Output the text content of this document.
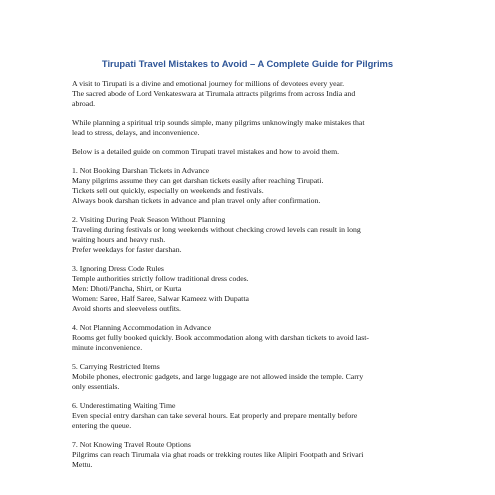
Tirupati Travel Mistakes to Avoid – A Complete Guide for Pilgrims
A visit to Tirupati is a divine and emotional journey for millions of devotees every year.
The sacred abode of Lord Venkateswara at Tirumala attracts pilgrims from across India and
abroad.
While planning a spiritual trip sounds simple, many pilgrims unknowingly make mistakes that
lead to stress, delays, and inconvenience.
Below is a detailed guide on common Tirupati travel mistakes and how to avoid them.
1. Not Booking Darshan Tickets in Advance
Many pilgrims assume they can get darshan tickets easily after reaching Tirupati.
Tickets sell out quickly, especially on weekends and festivals.
Always book darshan tickets in advance and plan travel only after confirmation.
2. Visiting During Peak Season Without Planning
Traveling during festivals or long weekends without checking crowd levels can result in long
waiting hours and heavy rush.
Prefer weekdays for faster darshan.
3. Ignoring Dress Code Rules
Temple authorities strictly follow traditional dress codes.
Men: Dhoti/Pancha, Shirt, or Kurta
Women: Saree, Half Saree, Salwar Kameez with Dupatta
Avoid shorts and sleeveless outfits.
4. Not Planning Accommodation in Advance
Rooms get fully booked quickly. Book accommodation along with darshan tickets to avoid last-
minute inconvenience.
5. Carrying Restricted Items
Mobile phones, electronic gadgets, and large luggage are not allowed inside the temple. Carry
only essentials.
6. Underestimating Waiting Time
Even special entry darshan can take several hours. Eat properly and prepare mentally before
entering the queue.
7. Not Knowing Travel Route Options
Pilgrims can reach Tirumala via ghat roads or trekking routes like Alipiri Footpath and Srivari
Mettu.
